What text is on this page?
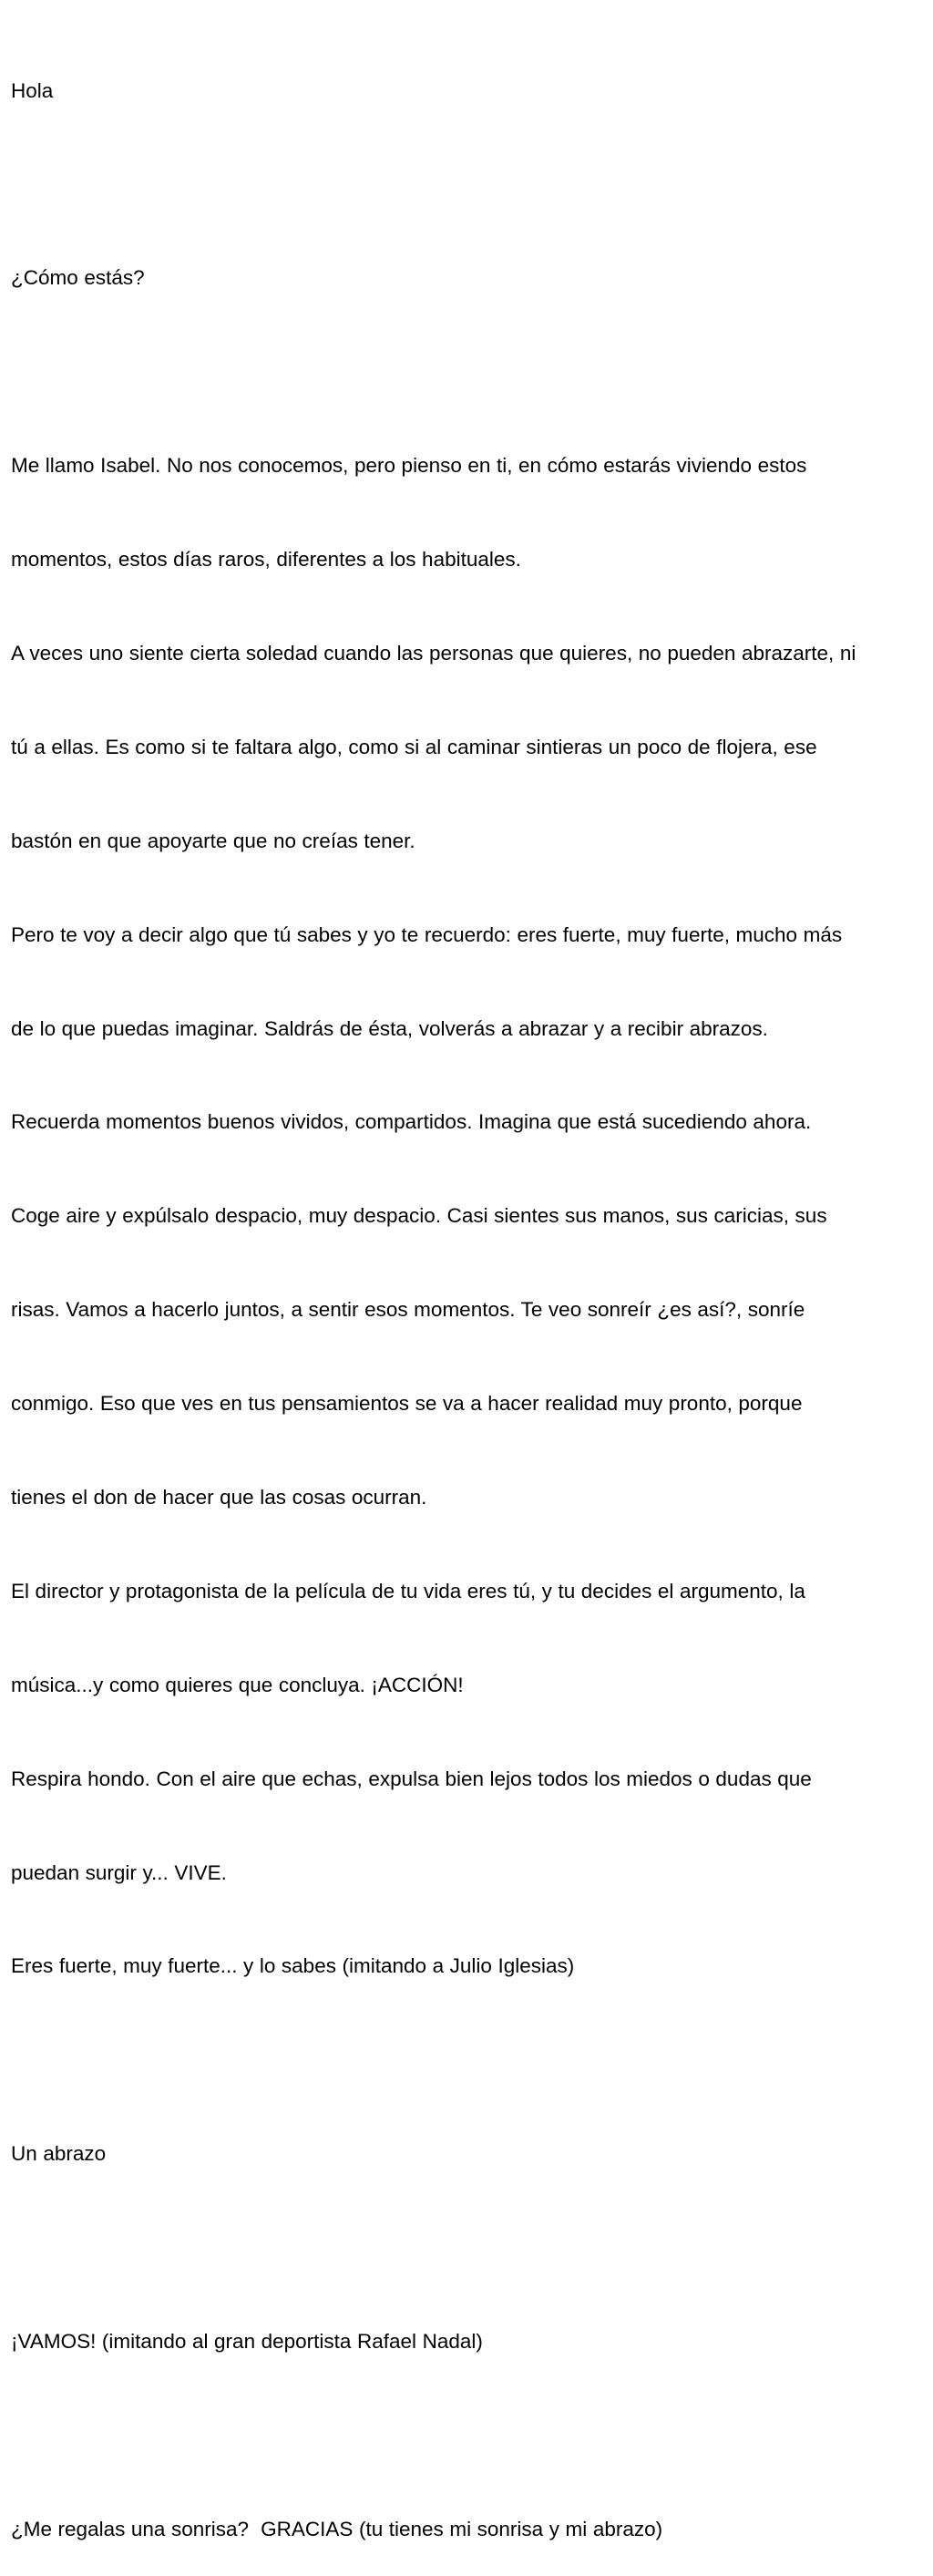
Hola

¿Cómo estás?

Me llamo Isabel. No nos conocemos, pero pienso en ti, en cómo estarás viviendo estos

momentos, estos días raros, diferentes a los habituales.

A veces uno siente cierta soledad cuando las personas que quieres, no pueden abrazarte, ni

tú a ellas. Es como si te faltara algo, como si al caminar sintieras un poco de flojera, ese

bastón en que apoyarte que no creías tener.

Pero te voy a decir algo que tú sabes y yo te recuerdo: eres fuerte, muy fuerte, mucho más

de lo que puedas imaginar. Saldrás de ésta, volverás a abrazar y a recibir abrazos.

Recuerda momentos buenos vividos, compartidos. Imagina que está sucediendo ahora.

Coge aire y expúlsalo despacio, muy despacio. Casi sientes sus manos, sus caricias, sus

risas. Vamos a hacerlo juntos, a sentir esos momentos. Te veo sonreír ¿es así?, sonríe

conmigo. Eso que ves en tus pensamientos se va a hacer realidad muy pronto, porque

tienes el don de hacer que las cosas ocurran.

El director y protagonista de la película de tu vida eres tú, y tu decides el argumento, la

música...y como quieres que concluya. ¡ACCIÓN!

Respira hondo. Con el aire que echas, expulsa bien lejos todos los miedos o dudas que

puedan surgir y... VIVE.

Eres fuerte, muy fuerte... y lo sabes (imitando a Julio Iglesias)

Un abrazo

¡VAMOS! (imitando al gran deportista Rafael Nadal)

¿Me regalas una sonrisa?  GRACIAS (tu tienes mi sonrisa y mi abrazo)
